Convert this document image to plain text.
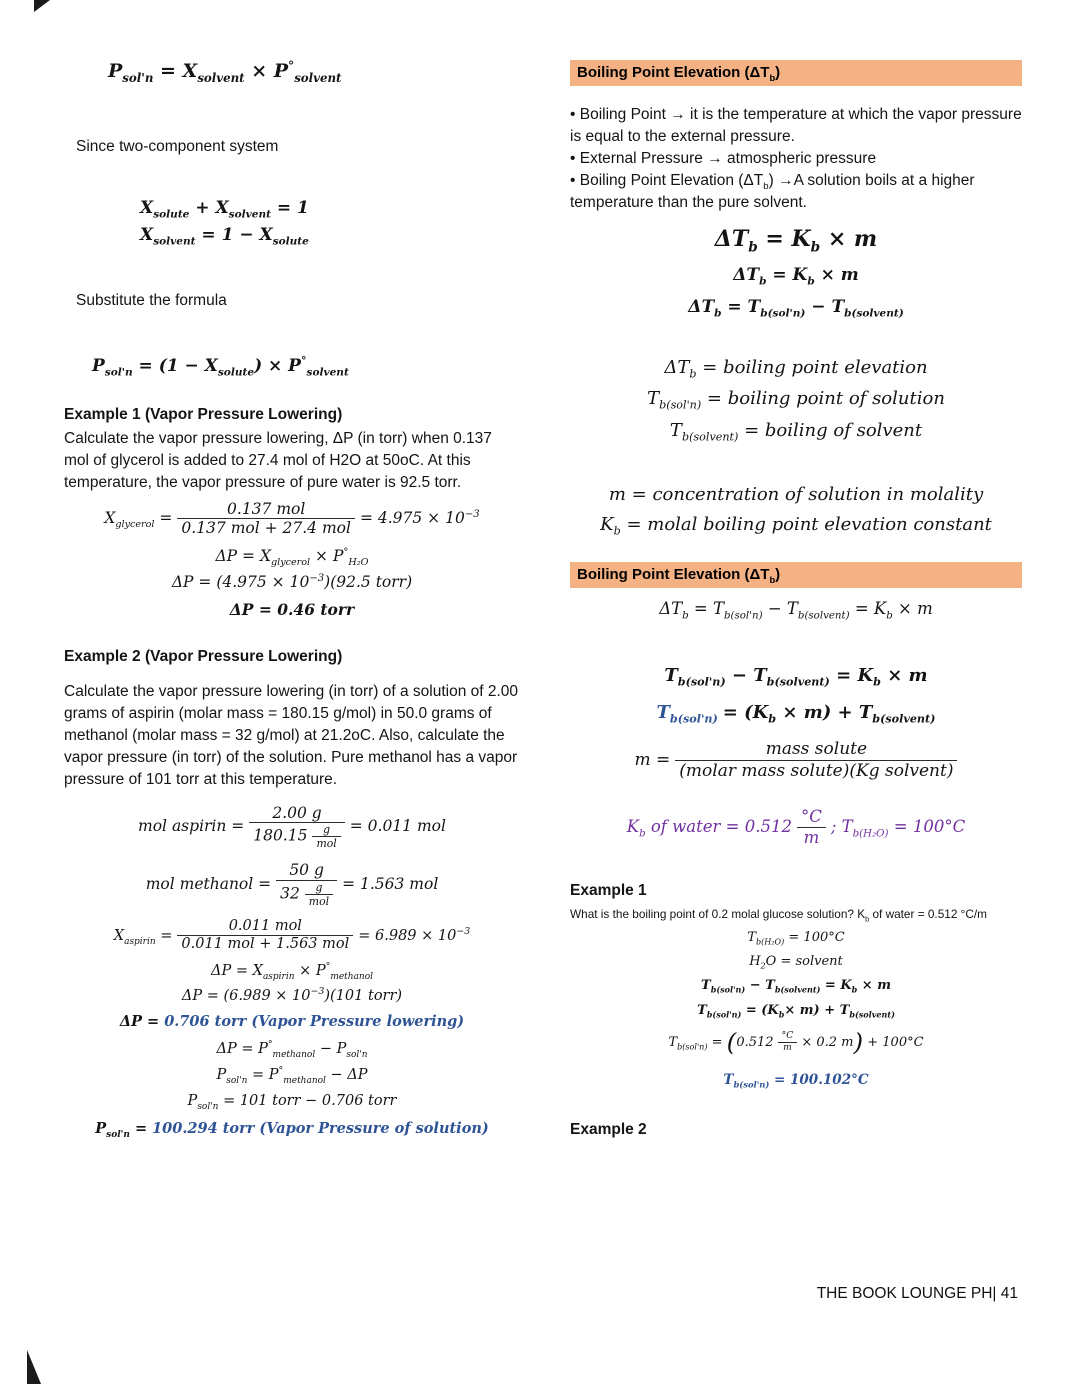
$P_{sol'n} = X_{solvent} \times P^\circ_{solvent}$
Since two-component system
$X_{solute} + X_{solvent} = 1$
$X_{solvent} = 1 - X_{solute}$
Substitute the formula
$P_{sol'n} = (1 - X_{solute}) \times P^\circ_{solvent}$
Example 1 (Vapor Pressure Lowering)
Calculate the vapor pressure lowering, ΔP (in torr) when 0.137 mol of glycerol is added to 27.4 mol of H2O at 50oC. At this temperature, the vapor pressure of pure water is 92.5 torr.
$X_{glycerol}$ =
0.137 mol
0.137 mol + 27.4 mol
= $4.975 \times 10^{-3}$
$\Delta P = X_{glycerol} \times P^\circ_{H_2O}$
$\Delta P = (4.975 \times 10^{-3})(92.5$ torr)
ΔP = 0.46 torr
Example 2 (Vapor Pressure Lowering)
Calculate the vapor pressure lowering (in torr) of a solution of 2.00 grams of aspirin (molar mass = 180.15 g/mol) in 50.0 grams of methanol (molar mass = 32 g/mol) at 21.2oC. Also, calculate the vapor pressure (in torr) of the solution. Pure methanol has a vapor pressure of 101 torr at this temperature.
mol aspirin =
2.00 g
180.15 g
mol
= 0.011 mol
mol methanol =
50 g
32 g
mol
= 1.563 mol
$X_{aspirin}$ =
0.011 mol
0.011 mol + 1.563 mol
= $6.989 \times 10^{-3}$
$\Delta P = X_{aspirin} \times P^\circ_{methanol}$
$\Delta P = (6.989 \times 10^{-3})(101$ torr)
ΔP = 0.706 torr (Vapor Pressure lowering)
$\Delta P = P^\circ_{methanol} - P_{sol'n}$
$P_{sol'n} = P^\circ_{methanol} - \Delta P$
$P_{sol'n} = 101$ torr − 0.706 torr
$P_{sol'n} = 100.294$ torr (Vapor Pressure of solution)
Boiling Point Elevation $(\Delta T_b)$
• Boiling Point → it is the temperature at which the vapor pressure is equal to the external pressure.
• External Pressure → atmospheric pressure
• Boiling Point Elevation $(\Delta T_b) \to A$ solution boils at a higher temperature than the pure solvent.
$\Delta T_b = K_b \times m$
$\Delta T_b = K_b \times m$
$\Delta T_b = T_{b(sol'n)} - T_{b(solvent)}$
$\Delta T_b$ = boiling point elevation
$T_{b(sol'n)}$ = boiling point of solution
$T_{b(solvent)}$ = boiling of solvent
m = concentration of solution in molality
$K_b$ = molal boiling point elevation constant
Boiling Point Elevation $(\Delta T_b)$
$\Delta T_b = T_{b(sol'n)} - T_{b(solvent)} = K_b \times m$
$T_{b(sol'n)} - T_{b(solvent)} = K_b \times m$
$T_{b(sol'n)} = (K_b \times m) + T_{b(solvent)}$
m =
mass solute
(molar mass solute)(Kg solvent)
$K_b$ of water = $0.512 \frac{^\circ C}{m}$ ; $T_{b(H_2O)} = 100^\circ C$
Example 1
What is the boiling point of 0.2 molal glucose solution? $K_b$ of water = 0.512 °C/m
$T_{b(H_2O)} = 100^\circ C$
$H_2O$ = solvent
$T_{b(sol'n)} - T_{b(solvent)} = K_b \times m$
$T_{b(sol'n)} = (K_b\times m) + T_{b(solvent)}$
$T_{b(sol'n)} = (0.512 \frac{^\circ C}{m} \times 0.2$ m) + 100°C
$T_{b(sol'n)} = 100.102^\circ C$
Example 2
THE BOOK LOUNGE PH| 41
